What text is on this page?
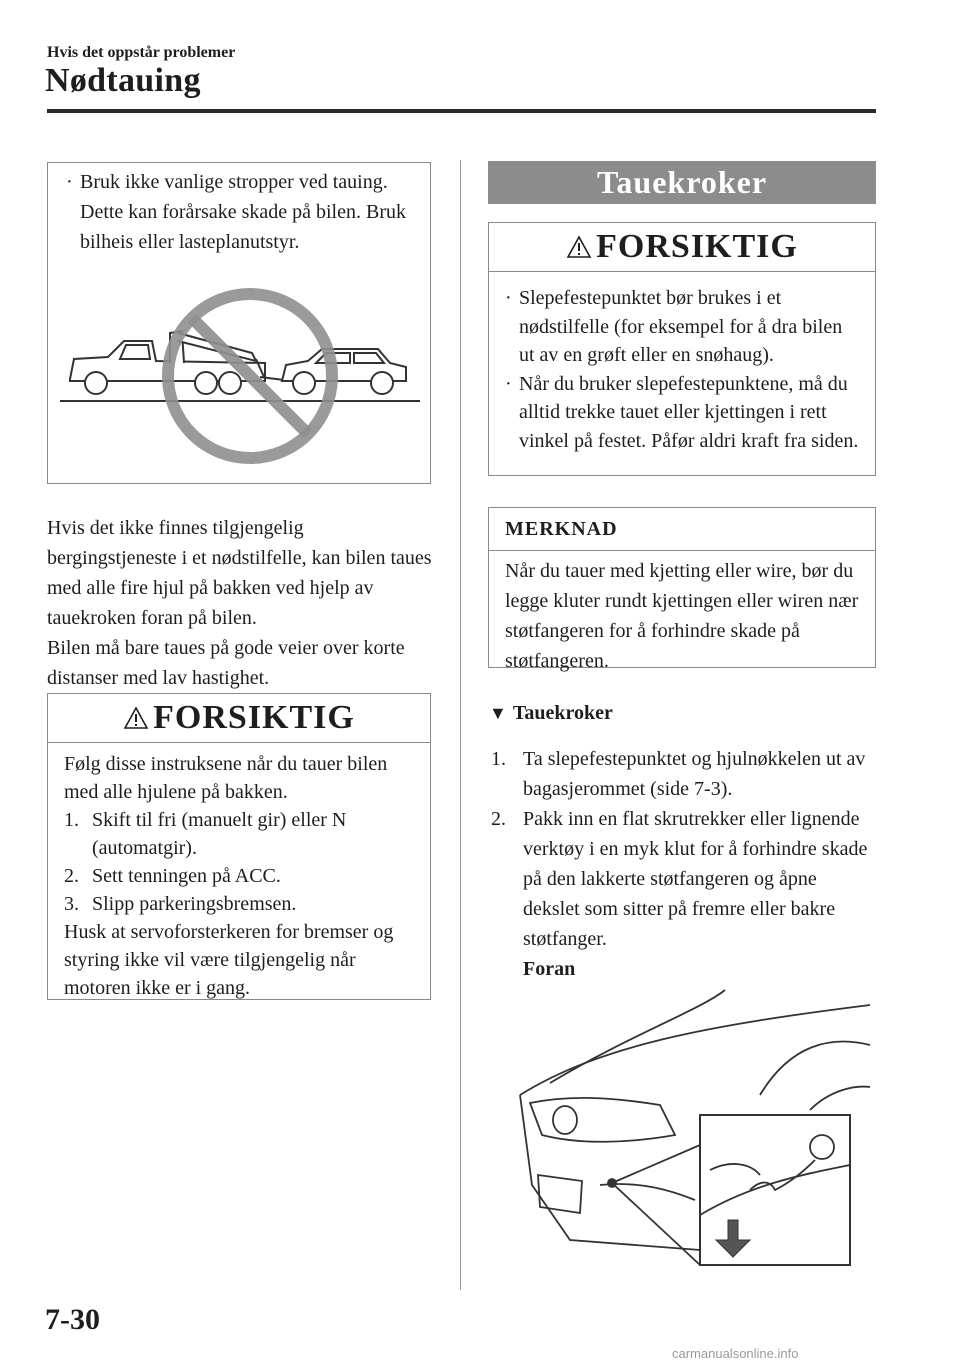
Hvis det oppstår problemer
Nødtauing
· Bruk ikke vanlige stropper ved tauing. Dette kan forårsake skade på bilen. Bruk bilheis eller lasteplanutstyr.
Hvis det ikke finnes tilgjengelig bergingstjeneste i et nødstilfelle, kan bilen taues med alle fire hjul på bakken ved hjelp av tauekroken foran på bilen.
Bilen må bare taues på gode veier over korte distanser med lav hastighet.
FORSIKTIG
Følg disse instruksene når du tauer bilen med alle hjulene på bakken.
1. Skift til fri (manuelt gir) eller N (automatgir).
2. Sett tenningen på ACC.
3. Slipp parkeringsbremsen.
Husk at servoforsterkeren for bremser og styring ikke vil være tilgjengelig når motoren ikke er i gang.
Tauekroker
FORSIKTIG
· Slepefestepunktet bør brukes i et nødstilfelle (for eksempel for å dra bilen ut av en grøft eller en snøhaug).
· Når du bruker slepefestepunktene, må du alltid trekke tauet eller kjettingen i rett vinkel på festet. Påfør aldri kraft fra siden.
MERKNAD
Når du tauer med kjetting eller wire, bør du legge kluter rundt kjettingen eller wiren nær støtfangeren for å forhindre skade på støtfangeren.
▼ Tauekroker
1. Ta slepefestepunktet og hjulnøkkelen ut av bagasjerommet (side 7-3).
2. Pakk inn en flat skrutrekker eller lignende verktøy i en myk klut for å forhindre skade på den lakkerte støtfangeren og åpne dekslet som sitter på fremre eller bakre støtfanger.
Foran
7-30
carmanualsonline.info
